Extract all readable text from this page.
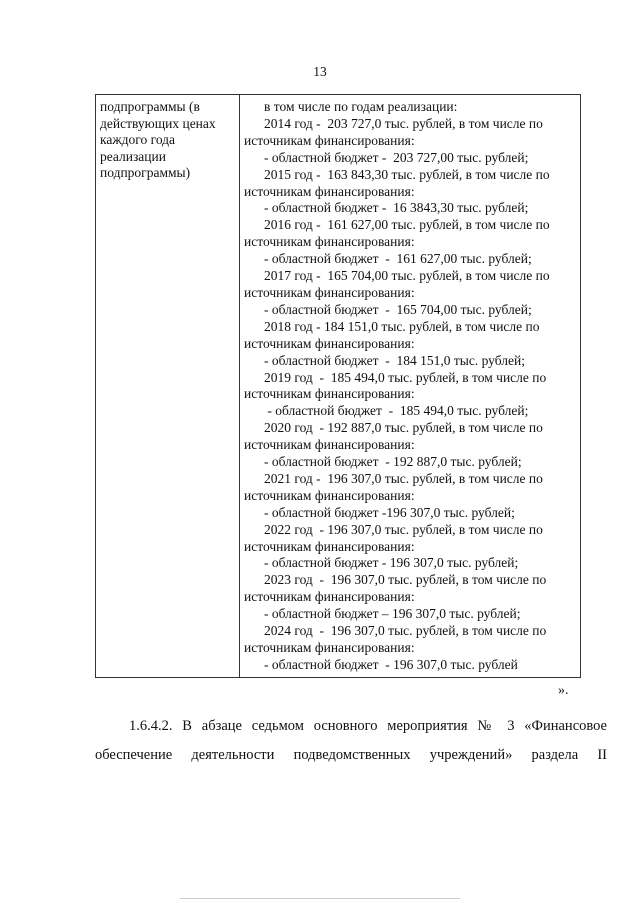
13
подпрограммы (в
действующих ценах
каждого года
реализации
подпрограммы)
в том числе по годам реализации:
2014 год -  203 727,0 тыс. рублей, в том числе по
источникам финансирования:
- областной бюджет -  203 727,00 тыс. рублей;
2015 год -  163 843,30 тыс. рублей, в том числе по
источникам финансирования:
- областной бюджет -  16 3843,30 тыс. рублей;
2016 год -  161 627,00 тыс. рублей, в том числе по
источникам финансирования:
- областной бюджет  -  161 627,00 тыс. рублей;
2017 год -  165 704,00 тыс. рублей, в том числе по
источникам финансирования:
- областной бюджет  -  165 704,00 тыс. рублей;
2018 год - 184 151,0 тыс. рублей, в том числе по
источникам финансирования:
- областной бюджет  -  184 151,0 тыс. рублей;
2019 год  -  185 494,0 тыс. рублей, в том числе по
источникам финансирования:
- областной бюджет  -  185 494,0 тыс. рублей;
2020 год  - 192 887,0 тыс. рублей, в том числе по
источникам финансирования:
- областной бюджет  - 192 887,0 тыс. рублей;
2021 год -  196 307,0 тыс. рублей, в том числе по
источникам финансирования:
- областной бюджет -196 307,0 тыс. рублей;
2022 год  - 196 307,0 тыс. рублей, в том числе по
источникам финансирования:
- областной бюджет - 196 307,0 тыс. рублей;
2023 год  -  196 307,0 тыс. рублей, в том числе по
источникам финансирования:
- областной бюджет – 196 307,0 тыс. рублей;
2024 год  -  196 307,0 тыс. рублей, в том числе по
источникам финансирования:
- областной бюджет  - 196 307,0 тыс. рублей
».
1.6.4.2. В абзаце седьмом основного мероприятия № 3 «Финансовое
обеспечение деятельности подведомственных учреждений» раздела II
